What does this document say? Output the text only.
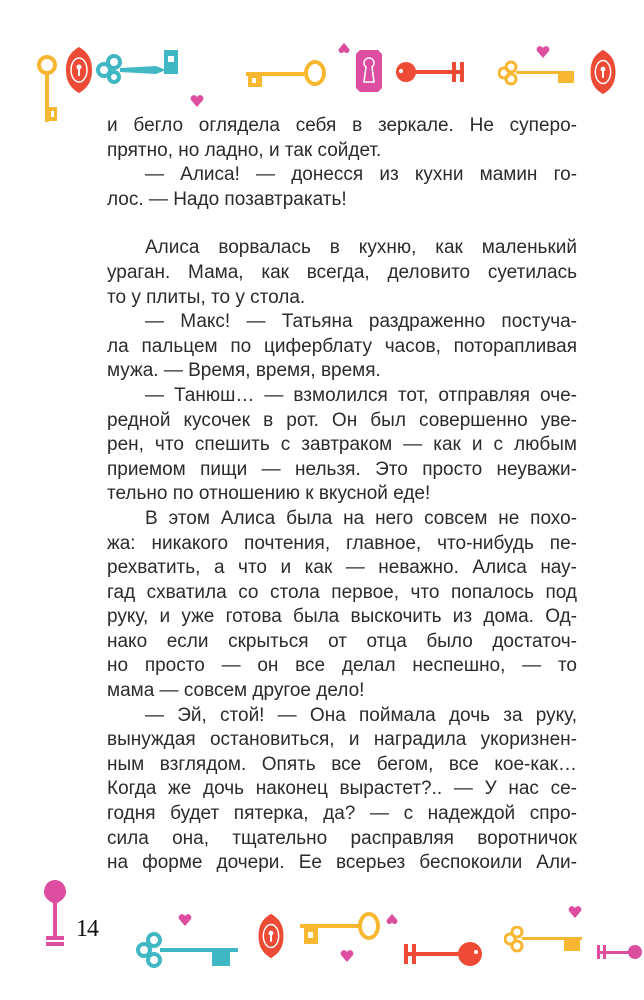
и бегло оглядела себя в зеркале. Не суперо-
прятно, но ладно, и так сойдет.
— Алиса! — донесся из кухни мамин го-
лос. — Надо позавтракать!
Алиса ворвалась в кухню, как маленький
ураган. Мама, как всегда, деловито суетилась
то у плиты, то у стола.
— Макс! — Татьяна раздраженно постуча-
ла пальцем по циферблату часов, поторапливая
мужа. — Время, время, время.
— Танюш… — взмолился тот, отправляя оче-
редной кусочек в рот. Он был совершенно уве-
рен, что спешить с завтраком — как и с любым
приемом пищи — нельзя. Это просто неуважи-
тельно по отношению к вкусной еде!
В этом Алиса была на него совсем не похо-
жа: никакого почтения, главное, что-нибудь пе-
рехватить, а что и как — неважно. Алиса нау-
гад схватила со стола первое, что попалось под
руку, и уже готова была выскочить из дома. Од-
нако если скрыться от отца было достаточ-
но просто — он все делал неспешно, — то
мама — совсем другое дело!
— Эй, стой! — Она поймала дочь за руку,
вынуждая остановиться, и наградила укоризнен-
ным взглядом. Опять все бегом, все кое-как…
Когда же дочь наконец вырастет?.. — У нас се-
годня будет пятерка, да? — с надеждой спро-
сила она, тщательно расправляя воротничок
на форме дочери. Ее всерьез беспокоили Али-
14
